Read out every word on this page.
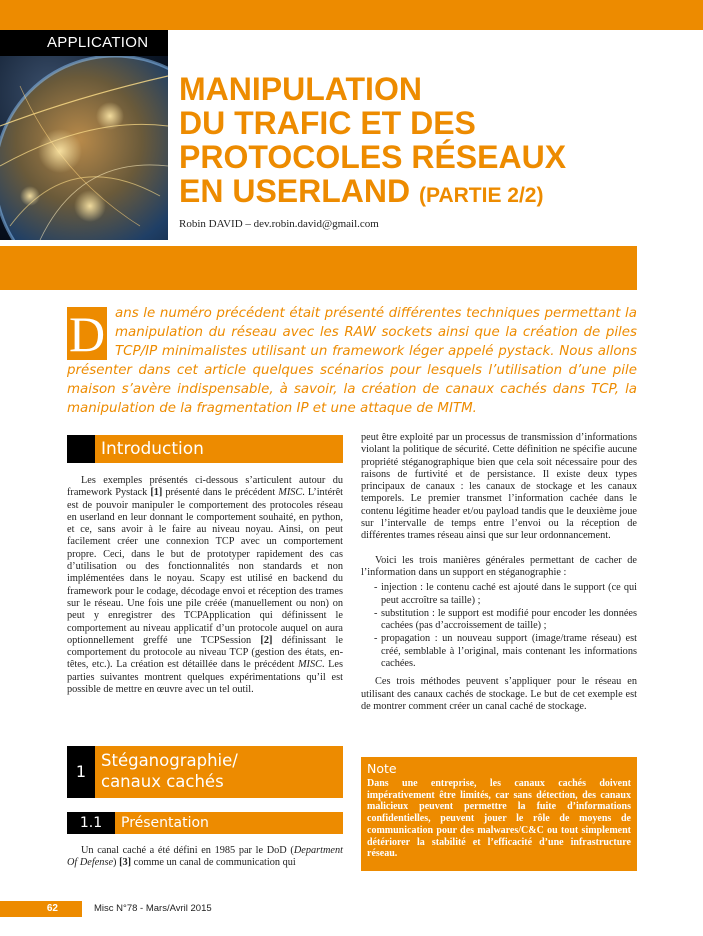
APPLICATION
MANIPULATION
DU TRAFIC ET DES
PROTOCOLES RÉSEAUX
EN USERLAND (PARTIE 2/2)
Robin DAVID – dev.robin.david@gmail.com
D ans le numéro précédent était présenté différentes techniques permettant la manipulation du réseau avec les RAW sockets ainsi que la création de piles TCP/IP minimalistes utilisant un framework léger appelé pystack. Nous allons présenter dans cet article quelques scénarios pour lesquels l’utilisation d’une pile maison s’avère indispensable, à savoir, la création de canaux cachés dans TCP, la manipulation de la fragmentation IP et une attaque de MITM.
Introduction

Les exemples présentés ci-dessous s’articulent autour du framework Pystack [1] présenté dans le précédent MISC. L’intérêt est de pouvoir manipuler le comportement des protocoles réseau en userland en leur donnant le comportement souhaité, en python, et ce, sans avoir à le faire au niveau noyau. Ainsi, on peut facilement créer une connexion TCP avec un comportement propre. Ceci, dans le but de prototyper rapidement des cas d’utilisation ou des fonctionnalités non standards et non implémentées dans le noyau. Scapy est utilisé en backend du framework pour le codage, décodage envoi et réception des trames sur le réseau. Une fois une pile créée (manuellement ou non) on peut y enregistrer des TCPApplication qui définissent le comportement au niveau applicatif d’un protocole auquel on aura optionnellement greffé une TCPSession [2] définissant le comportement du protocole au niveau TCP (gestion des états, en-têtes, etc.). La création est détaillée dans le précédent MISC. Les parties suivantes montrent quelques expérimentations qu’il est possible de mettre en œuvre avec un tel outil.

1
Stéganographie/
canaux cachés
1.1	Présentation

Un canal caché a été défini en 1985 par le DoD (Department Of Defense) [3] comme un canal de communication qui

peut être exploité par un processus de transmission d’informations violant la politique de sécurité. Cette définition ne spécifie aucune propriété stéganographique bien que cela soit nécessaire pour des raisons de furtivité et de persistance. Il existe deux types principaux de canaux : les canaux de stockage et les canaux temporels. Le premier transmet l’information cachée dans le contenu légitime header et/ou payload tandis que le deuxième joue sur l’intervalle de temps entre l’envoi ou la réception de différentes trames réseau ainsi que sur leur ordonnancement.

Voici les trois manières générales permettant de cacher de l’information dans un support en stéganographie :

- injection : le contenu caché est ajouté dans le support (ce qui peut accroître sa taille) ;
- substitution : le support est modifié pour encoder les données cachées (pas d’accroissement de taille) ;
- propagation : un nouveau support (image/trame réseau) est créé, semblable à l’original, mais contenant les informations cachées.

Ces trois méthodes peuvent s’appliquer pour le réseau en utilisant des canaux cachés de stockage. Le but de cet exemple est de montrer comment créer un canal caché de stockage.

Note
Dans une entreprise, les canaux cachés doivent impérativement être limités, car sans détection, des canaux malicieux peuvent permettre la fuite d’informations confidentielles, peuvent jouer le rôle de moyens de communication pour des malwares/C&C ou tout simplement détériorer la stabilité et l’efficacité d’une infrastructure réseau.
62	Misc N°78 - Mars/Avril 2015
